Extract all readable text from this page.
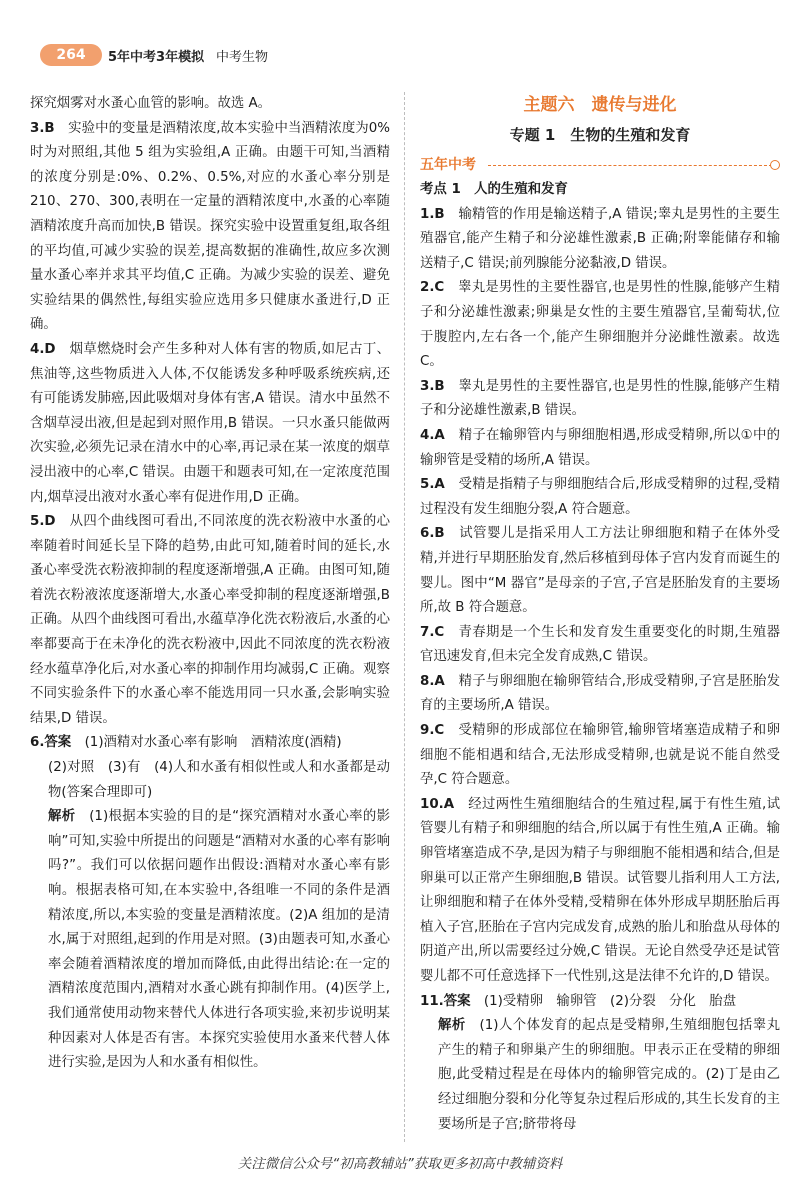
264	5年中考3年模拟 中考生物

探究烟雾对水蚤心血管的影响。故选 A。

3.B　 实验中的变量是酒精浓度,故本实验中当酒精浓度为0%时为对照组,其他 5 组为实验组,A 正确。由题干可知,当酒精的浓度分别是:0%、0.2%、0.5%,对应的水蚤心率分别是 210、270、300,表明在一定量的酒精浓度中,水蚤的心率随酒精浓度升高而加快,B 错误。探究实验中设置重复组,取各组的平均值,可减少实验的误差,提高数据的准确性,故应多次测量水蚤心率并求其平均值,C 正确。为减少实验的误差、避免实验结果的偶然性,每组实验应选用多只健康水蚤进行,D 正确。

4.D　 烟草燃烧时会产生多种对人体有害的物质,如尼古丁、焦油等,这些物质进入人体,不仅能诱发多种呼吸系统疾病,还有可能诱发肺癌,因此吸烟对身体有害,A 错误。清水中虽然不含烟草浸出液,但是起到对照作用,B 错误。一只水蚤只能做两次实验,必须先记录在清水中的心率,再记录在某一浓度的烟草浸出液中的心率,C 错误。由题干和题表可知,在一定浓度范围内,烟草浸出液对水蚤心率有促进作用,D 正确。

5.D　 从四个曲线图可看出,不同浓度的洗衣粉液中水蚤的心率随着时间延长呈下降的趋势,由此可知,随着时间的延长,水蚤心率受洗衣粉液抑制的程度逐渐增强,A 正确。由图可知,随着洗衣粉液浓度逐渐增大,水蚤心率受抑制的程度逐渐增强,B 正确。从四个曲线图可看出,水蕴草净化洗衣粉液后,水蚤的心率都要高于在未净化的洗衣粉液中,因此不同浓度的洗衣粉液经水蕴草净化后,对水蚤心率的抑制作用均减弱,C 正确。观察不同实验条件下的水蚤心率不能选用同一只水蚤,会影响实验结果,D 错误。

6.答案　 (1)酒精对水蚤心率有影响　酒精浓度(酒精)

(2)对照　(3)有　(4)人和水蚤有相似性或人和水蚤都是动物(答案合理即可)

解析　 (1)根据本实验的目的是“探究酒精对水蚤心率的影响”可知,实验中所提出的问题是“酒精对水蚤的心率有影响吗?”。我们可以依据问题作出假设:酒精对水蚤心率有影响。根据表格可知,在本实验中,各组唯一不同的条件是酒精浓度,所以,本实验的变量是酒精浓度。(2)A 组加的是清水,属于对照组,起到的作用是对照。(3)由题表可知,水蚤心率会随着酒精浓度的增加而降低,由此得出结论:在一定的酒精浓度范围内,酒精对水蚤心跳有抑制作用。(4)医学上,我们通常使用动物来替代人体进行各项实验,来初步说明某种因素对人体是否有害。本探究实验使用水蚤来代替人体进行实验,是因为人和水蚤有相似性。

主题六　遗传与进化
专题 1　生物的生殖和发育
五年中考
考点 1　人的生殖和发育

1.B　 输精管的作用是输送精子,A 错误;睾丸是男性的主要生殖器官,能产生精子和分泌雄性激素,B 正确;附睾能储存和输送精子,C 错误;前列腺能分泌黏液,D 错误。

2.C　 睾丸是男性的主要性器官,也是男性的性腺,能够产生精子和分泌雄性激素;卵巢是女性的主要生殖器官,呈葡萄状,位于腹腔内,左右各一个,能产生卵细胞并分泌雌性激素。故选 C。

3.B　 睾丸是男性的主要性器官,也是男性的性腺,能够产生精子和分泌雄性激素,B 错误。

4.A　 精子在输卵管内与卵细胞相遇,形成受精卵,所以①中的输卵管是受精的场所,A 错误。

5.A　 受精是指精子与卵细胞结合后,形成受精卵的过程,受精过程没有发生细胞分裂,A 符合题意。

6.B　 试管婴儿是指采用人工方法让卵细胞和精子在体外受精,并进行早期胚胎发育,然后移植到母体子宫内发育而诞生的婴儿。图中“M 器官”是母亲的子宫,子宫是胚胎发育的主要场所,故 B 符合题意。

7.C　 青春期是一个生长和发育发生重要变化的时期,生殖器官迅速发育,但未完全发育成熟,C 错误。

8.A　 精子与卵细胞在输卵管结合,形成受精卵,子宫是胚胎发育的主要场所,A 错误。

9.C　 受精卵的形成部位在输卵管,输卵管堵塞造成精子和卵细胞不能相遇和结合,无法形成受精卵,也就是说不能自然受孕,C 符合题意。

10.A　 经过两性生殖细胞结合的生殖过程,属于有性生殖,试管婴儿有精子和卵细胞的结合,所以属于有性生殖,A 正确。输卵管堵塞造成不孕,是因为精子与卵细胞不能相遇和结合,但是卵巢可以正常产生卵细胞,B 错误。试管婴儿指利用人工方法,让卵细胞和精子在体外受精,受精卵在体外形成早期胚胎后再植入子宫,胚胎在子宫内完成发育,成熟的胎儿和胎盘从母体的阴道产出,所以需要经过分娩,C 错误。无论自然受孕还是试管婴儿都不可任意选择下一代性别,这是法律不允许的,D 错误。

11.答案　 (1)受精卵　输卵管　(2)分裂　分化　胎盘

解析　 (1)人个体发育的起点是受精卵,生殖细胞包括睾丸产生的精子和卵巢产生的卵细胞。甲表示正在受精的卵细胞,此受精过程是在母体内的输卵管完成的。(2)丁是由乙经过细胞分裂和分化等复杂过程后形成的,其生长发育的主要场所是子宫;脐带将母

关注微信公众号“初高教辅站”获取更多初高中教辅资料
